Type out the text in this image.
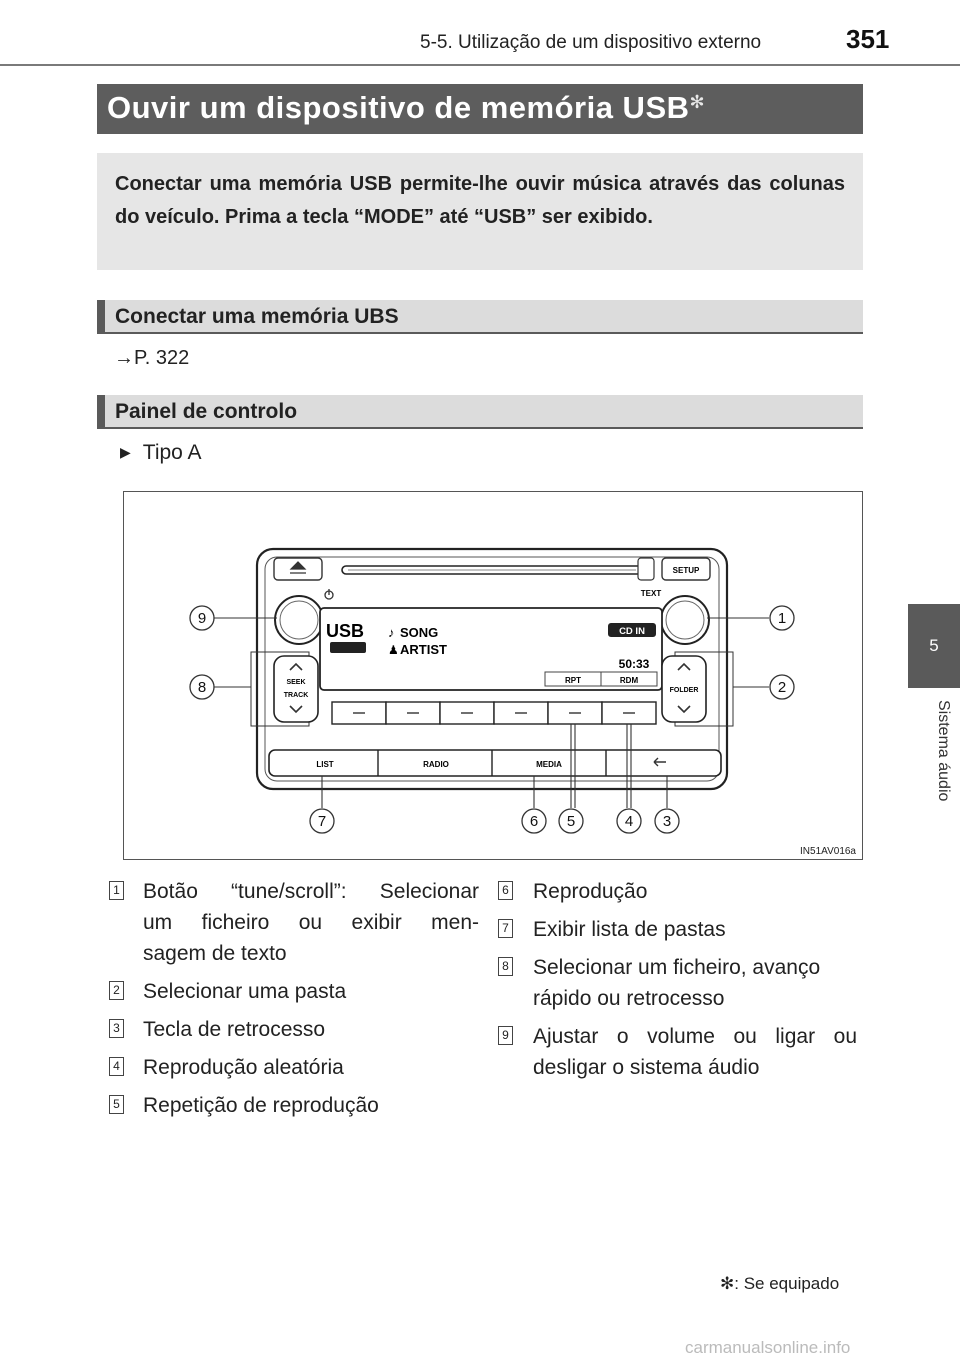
5-5. Utilização de um dispositivo externo	351
5
Sistema áudio
Ouvir um dispositivo de memória USB✻
Conectar uma memória USB permite-lhe ouvir música através das colunas do veículo. Prima a tecla “MODE” até “USB” ser exibido.
Conectar uma memória UBS
→P. 322
Painel de controlo
▶ Tipo A
SETUP
TEXT
USB ♪ SONG
♟ ARTIST
CD IN
50:33
RPT	RDM
SEEK
TRACK
FOLDER
LIST	RADIO	MEDIA
9	1
8	2
7	6 5	4 3
IN51AV016a
1 Botão “tune/scroll”: Selecionar
um ficheiro ou exibir men-
sagem de texto
2 Selecionar uma pasta
3 Tecla de retrocesso
4 Reprodução aleatória
5 Repetição de reprodução
6 Reprodução
7 Exibir lista de pastas
8 Selecionar um ficheiro, avanço
rápido ou retrocesso
9 Ajustar o volume ou ligar ou
desligar o sistema áudio
✻: Se equipado
carmanualsonline.info
